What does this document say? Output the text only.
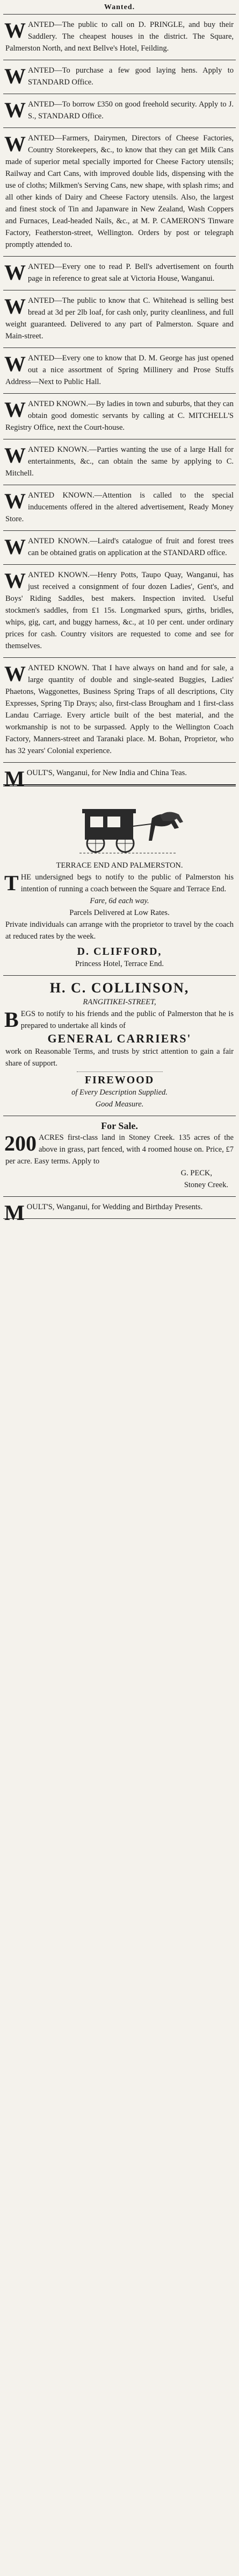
Wanted.

WANTED—The public to call on D. PRINGLE, and buy their Saddlery. The cheapest houses in the district. The Square, Palmerston North, and next Bellve's Hotel, Feilding.

WANTED—To purchase a few good laying hens. Apply to STANDARD Office.

WANTED—To borrow £350 on good freehold security. Apply to J. S., STANDARD Office.

WANTED—Farmers, Dairymen, Directors of Cheese Factories, Country Storekeepers, &c., to know that they can get Milk Cans made of superior metal specially imported for Cheese Factory utensils; Railway and Cart Cans, with improved double lids, dispensing with the use of cloths; Milkmen's Serving Cans, new shape, with splash rims; and all other kinds of Dairy and Cheese Factory utensils. Also, the largest and finest stock of Tin and Japanware in New Zealand, Wash Coppers and Furnaces, Lead-headed Nails, &c., at M. P. CAMERON'S Tinware Factory, Featherston-street, Wellington. Orders by post or telegraph promptly attended to.

WANTED—Every one to read P. Bell's advertisement on fourth page in reference to great sale at Victoria House, Wanganui.

WANTED—The public to know that C. Whitehead is selling best bread at 3d per 2lb loaf, for cash only, purity cleanliness, and full weight guaranteed. Delivered to any part of Palmerston. Square and Main-street.

WANTED—Every one to know that D. M. George has just opened out a nice assortment of Spring Millinery and Prose Stuffs Address—Next to Public Hall.

WANTED KNOWN.—By ladies in town and suburbs, that they can obtain good domestic servants by calling at C. MITCHELL'S Registry Office, next the Court-house.

WANTED KNOWN.—Parties wanting the use of a large Hall for entertainments, &c., can obtain the same by applying to C. Mitchell.

WANTED KNOWN.—Attention is called to the special inducements offered in the altered advertisement, Ready Money Store.

WANTED KNOWN.—Laird's catalogue of fruit and forest trees can be obtained gratis on application at the STANDARD office.

WANTED KNOWN.—Henry Potts, Taupo Quay, Wanganui, has just received a consignment of four dozen Ladies', Gent's, and Boys' Riding Saddles, best makers. Inspection invited. Useful stockmen's saddles, from £1 15s. Longmarked spurs, girths, bridles, whips, gig, cart, and buggy harness, &c., at 10 per cent. under ordinary prices for cash. Country visitors are requested to come and see for themselves.

WANTED KNOWN. That I have always on hand and for sale, a large quantity of double and single-seated Buggies, Ladies' Phaetons, Waggonettes, Business Spring Traps of all descriptions, City Expresses, Spring Tip Drays; also, first-class Brougham and 1 first-class Landau Carriage. Every article built of the best material, and the workmanship is not to be surpassed. Apply to the Wellington Coach Factory, Manners-street and Taranaki place. M. Bohan, Proprietor, who has 32 years' Colonial experience.

MOULT'S, Wanganui, for New India and China Teas.

TERRACE END AND PALMERSTON.

THE undersigned begs to notify to the public of Palmerston his intention of running a coach between the Square and Terrace End.

Fare, 6d each way.
Parcels Delivered at Low Rates.

Private individuals can arrange with the proprietor to travel by the coach at reduced rates by the week.

D. CLIFFORD,
Princess Hotel, Terrace End.
H. C. COLLINSON,
RANGITIKEI-STREET,

BEGS to notify to his friends and the public of Palmerston that he is prepared to undertake all kinds of

GENERAL CARRIERS'

work on Reasonable Terms, and trusts by strict attention to gain a fair share of support.

FIREWOOD
of Every Description Supplied.
Good Measure.
For Sale.

200 ACRES first-class land in Stoney Creek. 135 acres of the above in grass, part fenced, with 4 roomed house on. Price, £7 per acre. Easy terms. Apply to

G. PECK,
Stoney Creek.

MOULT'S, Wanganui, for Wedding and Birthday Presents.
